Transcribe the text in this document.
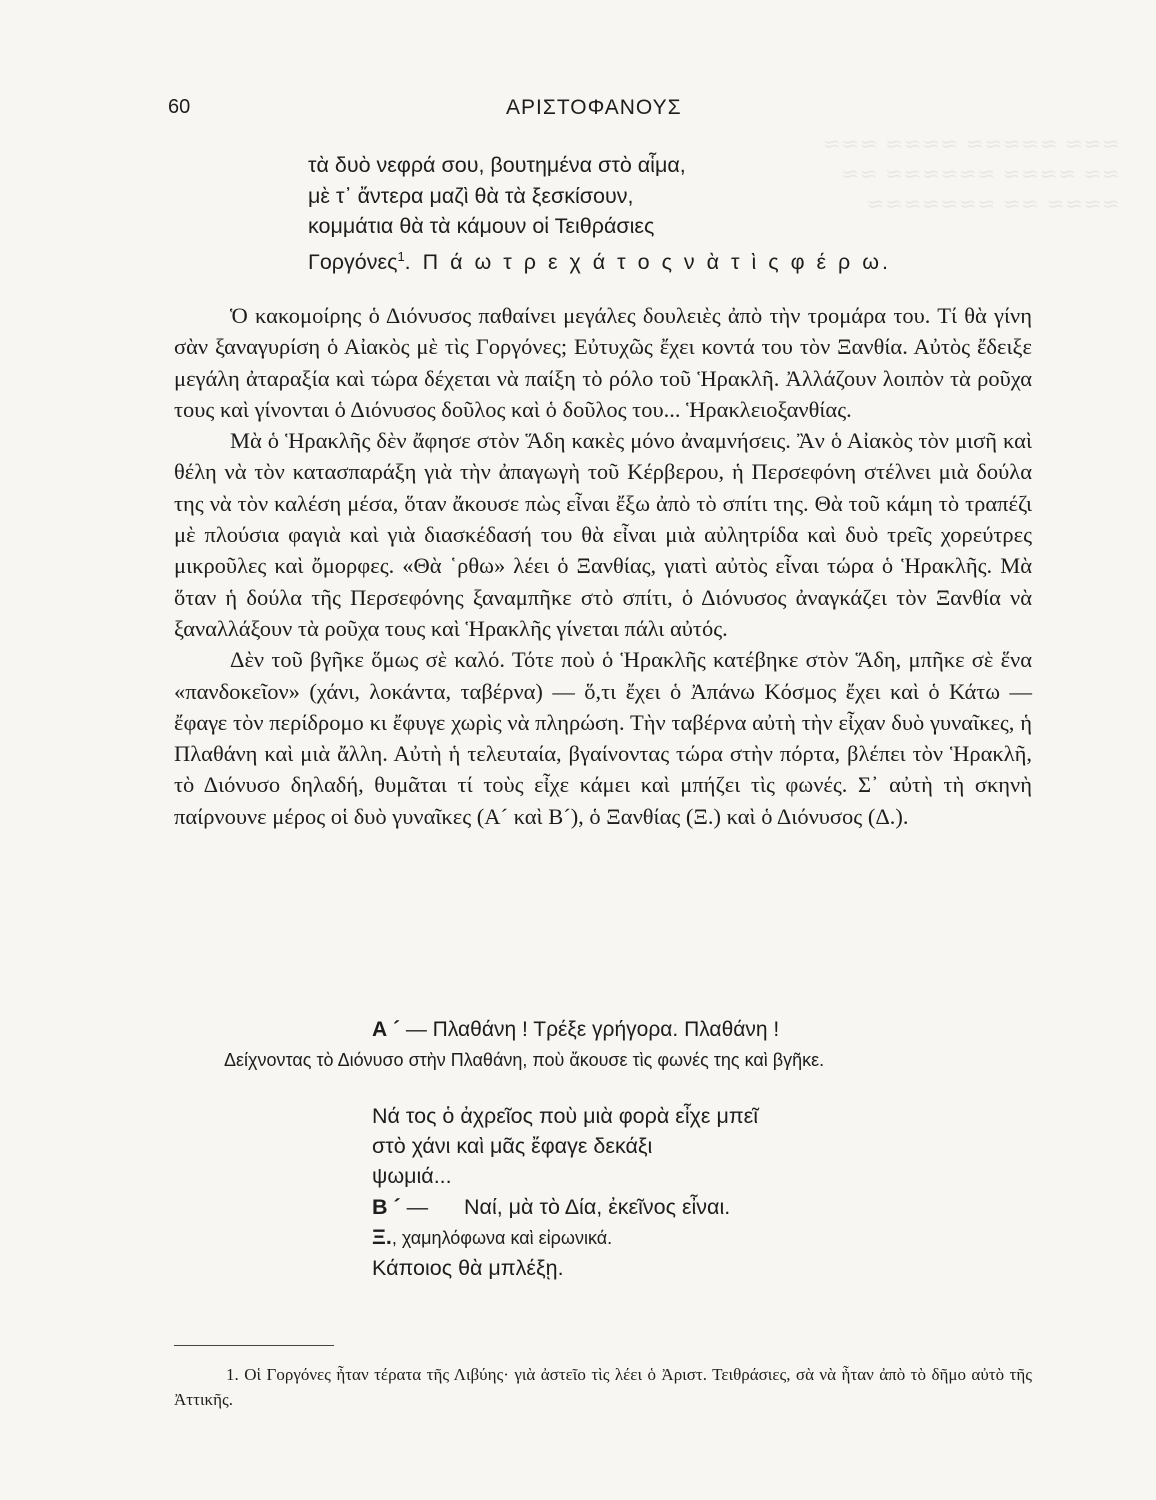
≈≈≈ ≈≈≈≈≈ ≈≈≈≈ ≈≈≈
≈≈ ≈≈≈≈ ≈≈≈≈≈≈ ≈≈
≈≈≈≈ ≈≈ ≈≈≈≈≈≈≈
60	ΑΡΙΣΤΟΦΑΝΟΥΣ
τὰ δυὸ νεφρά σου, βουτημένα στὸ αἷμα,
μὲ τ᾽ ἄντερα μαζὶ θὰ τὰ ξεσκίσουν,
κομμάτια θὰ τὰ κάμουν οἱ Τειθράσιες
Γοργόνες$^1$. Π ά ω τ ρ ε χ ά τ ο ς ν ὰ τ ὶ ς φ έ ρ ω.

Ὁ κακομοίρης ὁ Διόνυσος παθαίνει μεγάλες δουλειὲς ἀπὸ τὴν τρομάρα του. Τί θὰ γίνη σὰν ξαναγυρίση ὁ Αἰακὸς μὲ τὶς Γοργόνες; Εὐτυχῶς ἔχει κοντά του τὸν Ξανθία. Αὐτὸς ἔδειξε μεγάλη ἀταραξία καὶ τώρα δέχεται νὰ παίξη τὸ ρόλο τοῦ Ἡρακλῆ. Ἀλλάζουν λοιπὸν τὰ ροῦχα τους καὶ γίνονται ὁ Διόνυσος δοῦλος καὶ ὁ δοῦλος του... Ἡρακλειοξανθίας.

Μὰ ὁ Ἡρακλῆς δὲν ἄφησε στὸν Ἅδη κακὲς μόνο ἀναμνήσεις. Ἂν ὁ Αἰακὸς τὸν μισῆ καὶ θέλη νὰ τὸν κατασπαράξη γιὰ τὴν ἀπαγωγὴ τοῦ Κέρβερου, ἡ Περσεφόνη στέλνει μιὰ δούλα της νὰ τὸν καλέση μέσα, ὅταν ἄκουσε πὼς εἶναι ἔξω ἀπὸ τὸ σπίτι της. Θὰ τοῦ κάμη τὸ τραπέζι μὲ πλούσια φαγιὰ καὶ γιὰ διασκέδασή του θὰ εἶναι μιὰ αὐλητρίδα καὶ δυὸ τρεῖς χορεύτρες μικροῦλες καὶ ὄμορφες. «Θὰ ῾ρθω» λέει ὁ Ξανθίας, γιατὶ αὐτὸς εἶναι τώρα ὁ Ἡρακλῆς. Μὰ ὅταν ἡ δούλα τῆς Περσεφόνης ξαναμπῆκε στὸ σπίτι, ὁ Διόνυσος ἀναγκάζει τὸν Ξανθία νὰ ξαναλλάξουν τὰ ροῦχα τους καὶ Ἡρακλῆς γίνεται πάλι αὐτός.

Δὲν τοῦ βγῆκε ὅμως σὲ καλό. Τότε ποὺ ὁ Ἡρακλῆς κατέβηκε στὸν Ἅδη, μπῆκε σὲ ἕνα «πανδοκεῖον» (χάνι, λοκάντα, ταβέρνα) — ὅ,τι ἔχει ὁ Ἀπάνω Κόσμος ἔχει καὶ ὁ Κάτω — ἔφαγε τὸν περίδρομο κι ἔφυγε χωρὶς νὰ πληρώση. Τὴν ταβέρνα αὐτὴ τὴν εἶχαν δυὸ γυναῖκες, ἡ Πλαθάνη καὶ μιὰ ἄλλη. Αὐτὴ ἡ τελευταία, βγαίνοντας τώρα στὴν πόρτα, βλέπει τὸν Ἡρακλῆ, τὸ Διόνυσο δηλαδή, θυμᾶται τί τοὺς εἶχε κάμει καὶ μπήζει τὶς φωνές. Σ᾽ αὐτὴ τὴ σκηνὴ παίρνουνε μέρος οἱ δυὸ γυναῖκες (Α´ καὶ Β´), ὁ Ξανθίας (Ξ.) καὶ ὁ Διόνυσος (Δ.).

Α ´ — Πλαθάνη ! Τρέξε γρήγορα. Πλαθάνη !

Δείχνοντας τὸ Διόνυσο στὴν Πλαθάνη, ποὺ ἄκουσε τὶς φωνές της καὶ βγῆκε.

Νά τος ὁ ἀχρεῖος ποὺ μιὰ φορὰ εἶχε μπεῖ
στὸ χάνι καὶ μᾶς ἔφαγε δεκάξι
ψωμιά...
Β ´ —      Ναί, μὰ τὸ Δία, ἐκεῖνος εἶναι.
Ξ., χαμηλόφωνα καὶ εἰρωνικά.
Κάποιος θὰ μπλέξῃ.

1. Οἱ Γοργόνες ἦταν τέρατα τῆς Λιβύης· γιὰ ἀστεῖο τὶς λέει ὁ Ἀριστ. Τειθράσιες, σὰ νὰ ἦταν ἀπὸ τὸ δῆμο αὐτὸ τῆς Ἀττικῆς.
